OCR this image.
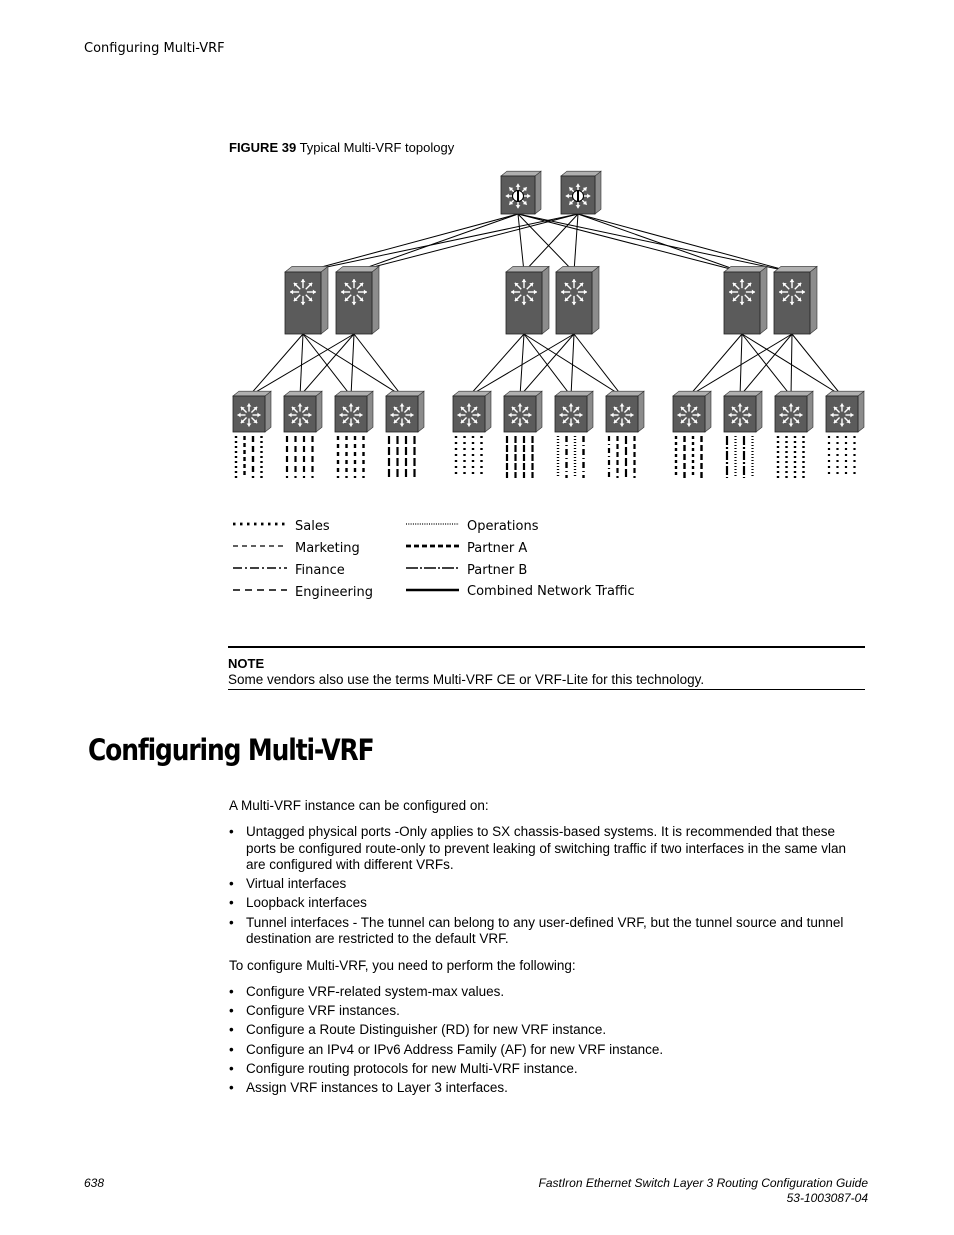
Configuring Multi-VRF
FIGURE 39 Typical Multi-VRF topology
Sales
Marketing
Finance
Engineering
Operations
Partner A
Partner B
Combined Network Traffic
NOTE
Some vendors also use the terms Multi-VRF CE or VRF-Lite for this technology.
Configuring Multi-VRF
A Multi-VRF instance can be configured on:
• Untagged physical ports -Only applies to SX chassis-based systems. It is recommended that these ports be configured route-only to prevent leaking of switching traffic if two interfaces in the same vlan are configured with different VRFs.
• Virtual interfaces
• Loopback interfaces
• Tunnel interfaces - The tunnel can belong to any user-defined VRF, but the tunnel source and tunnel destination are restricted to the default VRF.
To configure Multi-VRF, you need to perform the following:
• Configure VRF-related system-max values.
• Configure VRF instances.
• Configure a Route Distinguisher (RD) for new VRF instance.
• Configure an IPv4 or IPv6 Address Family (AF) for new VRF instance.
• Configure routing protocols for new Multi-VRF instance.
• Assign VRF instances to Layer 3 interfaces.
638	FastIron Ethernet Switch Layer 3 Routing Configuration Guide
53-1003087-04
